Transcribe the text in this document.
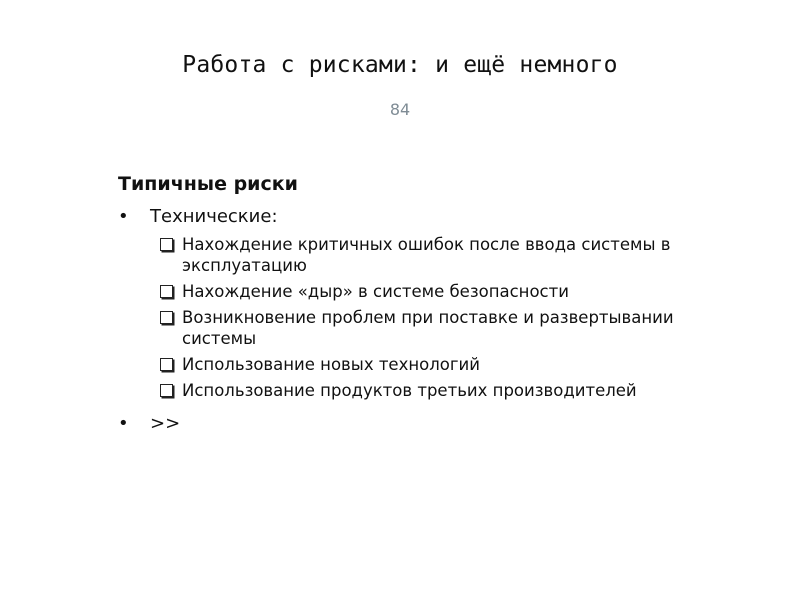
Работа с рисками: и ещё немного
84
Типичные риски
•	Технические:
Нахождение критичных ошибок после ввода системы в эксплуатацию
Нахождение «дыр» в системе безопасности
Возникновение проблем при поставке и развертывании системы
Использование новых технологий
Использование продуктов третьих производителей
•	>>
